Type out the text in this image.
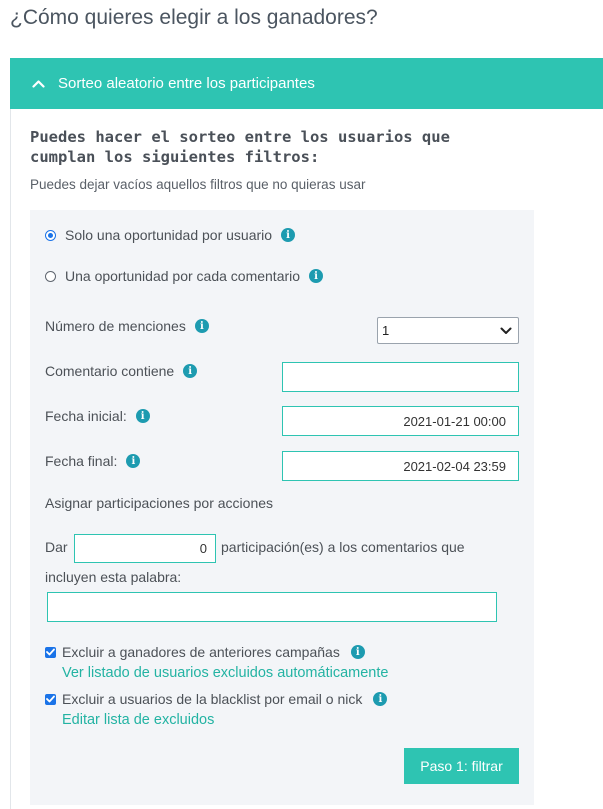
¿Cómo quieres elegir a los ganadores?
Sorteo aleatorio entre los participantes
Puedes hacer el sorteo entre los usuarios que cumplan los siguientes filtros:
Puedes dejar vacíos aquellos filtros que no quieras usar
Solo una oportunidad por usuario	i
Una oportunidad por cada comentario	i
Número de menciones	i	1
Comentario contiene	i
Fecha inicial:	i	2021-01-21 00:00
Fecha final:	i	2021-02-04 23:59
Asignar participaciones por acciones
Dar	0	participación(es) a los comentarios que
incluyen esta palabra:
Excluir a ganadores de anteriores campañas	i
Ver listado de usuarios excluidos automáticamente
Excluir a usuarios de la blacklist por email o nick	i
Editar lista de excluidos
Paso 1: filtrar
